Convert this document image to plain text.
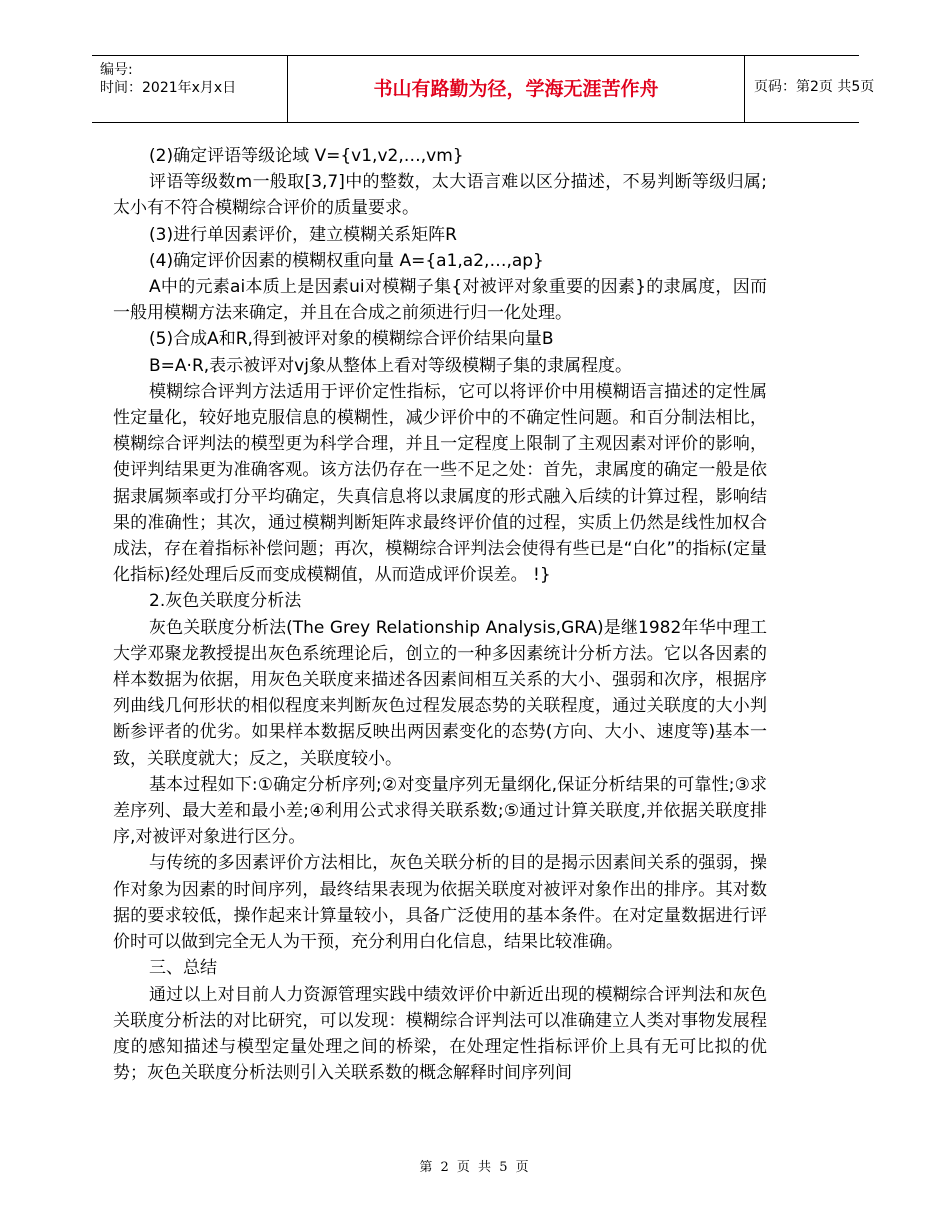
编号:
时间：2021年x月x日	书山有路勤为径，学海无涯苦作舟	页码：第2页 共5页

(2)确定评语等级论域 V={v1,v2,…,vm}

评语等级数m一般取[3,7]中的整数，太大语言难以区分描述，不易判断等级归属;太小有不符合模糊综合评价的质量要求。

(3)进行单因素评价，建立模糊关系矩阵R

(4)确定评价因素的模糊权重向量 A={a1,a2,…,ap}

A中的元素ai本质上是因素ui对模糊子集{对被评对象重要的因素}的隶属度，因而一般用模糊方法来确定，并且在合成之前须进行归一化处理。

(5)合成A和R,得到被评对象的模糊综合评价结果向量B

B=A·R,表示被评对vj象从整体上看对等级模糊子集的隶属程度。

模糊综合评判方法适用于评价定性指标，它可以将评价中用模糊语言描述的定性属性定量化，较好地克服信息的模糊性，减少评价中的不确定性问题。和百分制法相比，模糊综合评判法的模型更为科学合理，并且一定程度上限制了主观因素对评价的影响，使评判结果更为准确客观。该方法仍存在一些不足之处：首先，隶属度的确定一般是依据隶属频率或打分平均确定，失真信息将以隶属度的形式融入后续的计算过程，影响结果的准确性；其次，通过模糊判断矩阵求最终评价值的过程，实质上仍然是线性加权合成法，存在着指标补偿问题；再次，模糊综合评判法会使得有些已是“白化”的指标(定量化指标)经处理后反而变成模糊值，从而造成评价误差。 !}

2.灰色关联度分析法

灰色关联度分析法(The Grey Relationship Analysis,GRA)是继1982年华中理工大学邓聚龙教授提出灰色系统理论后，创立的一种多因素统计分析方法。它以各因素的样本数据为依据，用灰色关联度来描述各因素间相互关系的大小、强弱和次序，根据序列曲线几何形状的相似程度来判断灰色过程发展态势的关联程度，通过关联度的大小判断参评者的优劣。如果样本数据反映出两因素变化的态势(方向、大小、速度等)基本一致，关联度就大；反之，关联度较小。

基本过程如下:①确定分析序列;②对变量序列无量纲化,保证分析结果的可靠性;③求差序列、最大差和最小差;④利用公式求得关联系数;⑤通过计算关联度,并依据关联度排序,对被评对象进行区分。

与传统的多因素评价方法相比，灰色关联分析的目的是揭示因素间关系的强弱，操作对象为因素的时间序列，最终结果表现为依据关联度对被评对象作出的排序。其对数据的要求较低，操作起来计算量较小，具备广泛使用的基本条件。在对定量数据进行评价时可以做到完全无人为干预，充分利用白化信息，结果比较准确。

三、总结

通过以上对目前人力资源管理实践中绩效评价中新近出现的模糊综合评判法和灰色关联度分析法的对比研究，可以发现：模糊综合评判法可以准确建立人类对事物发展程度的感知描述与模型定量处理之间的桥梁，在处理定性指标评价上具有无可比拟的优势；灰色关联度分析法则引入关联系数的概念解释时间序列间

第 2 页 共 5 页
